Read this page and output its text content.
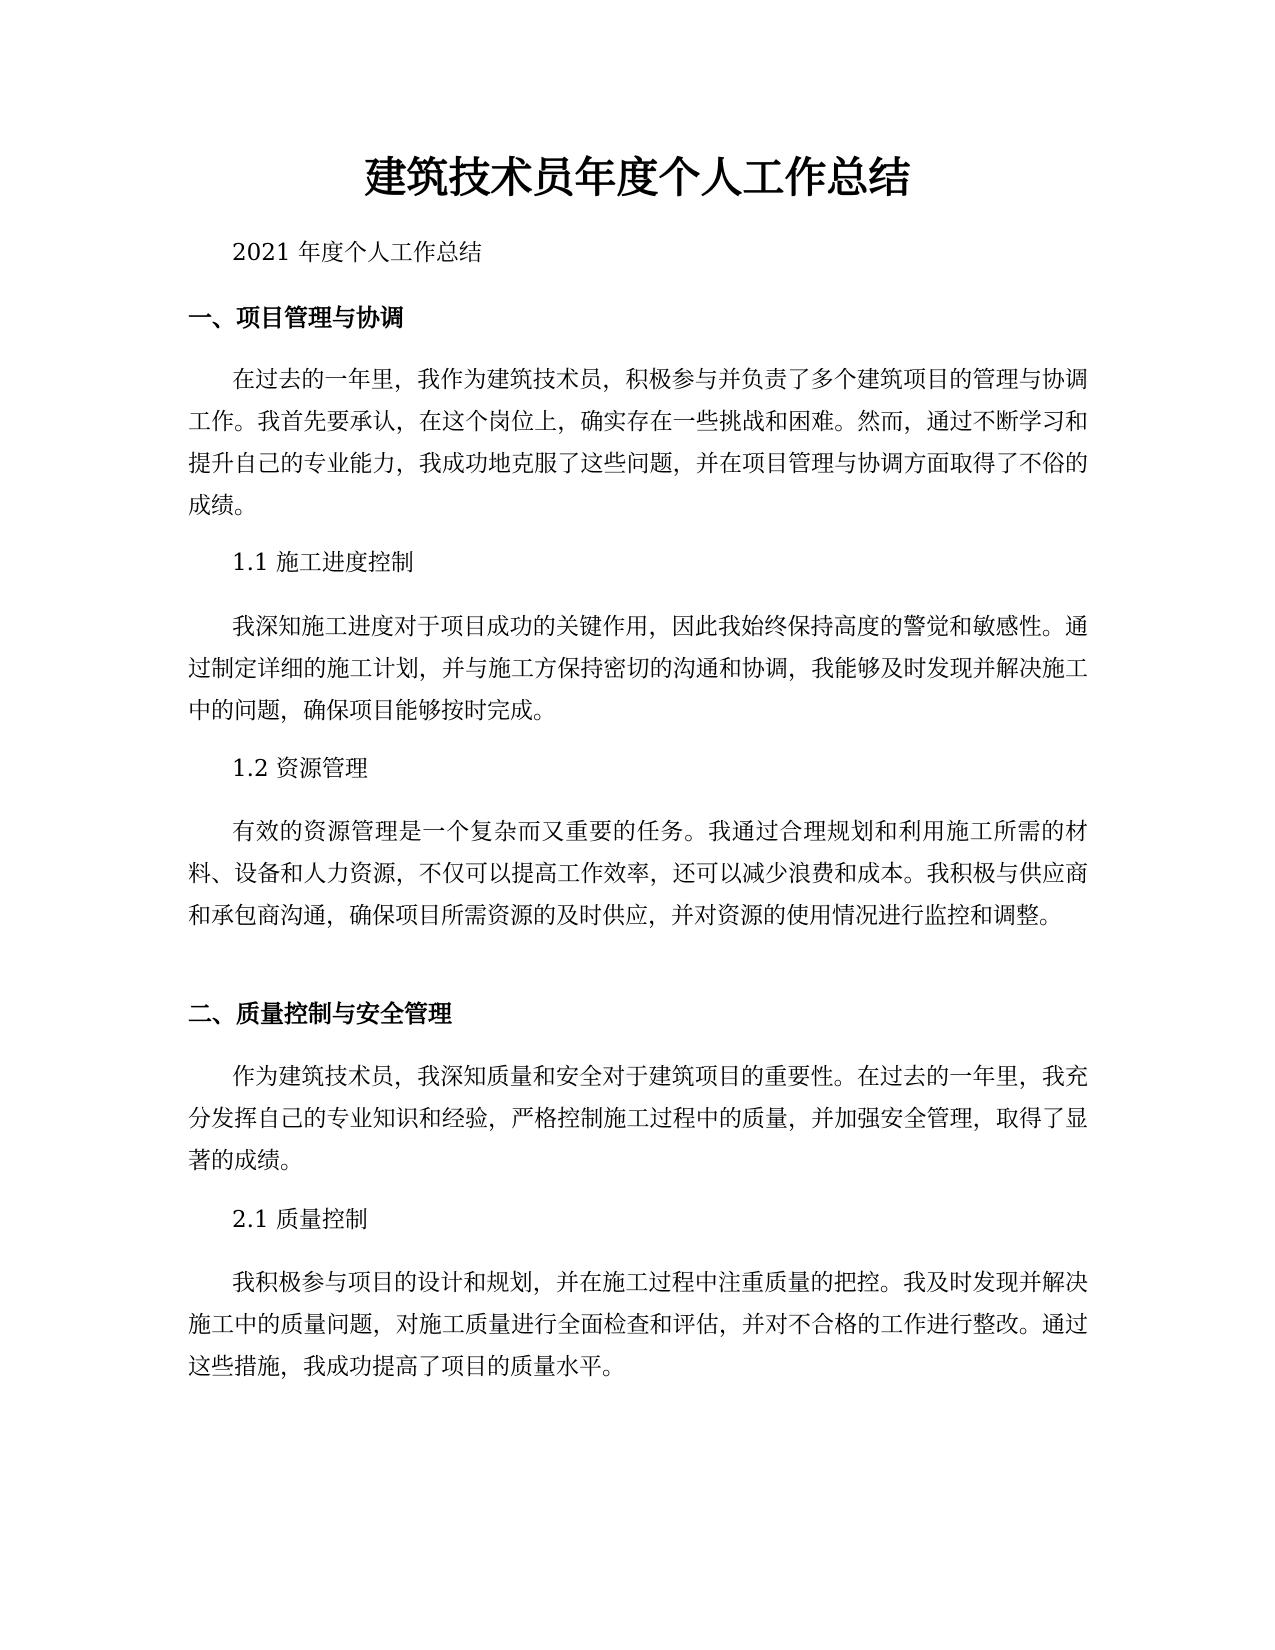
建筑技术员年度个人工作总结

2021 年度个人工作总结

一、项目管理与协调

在过去的一年里，我作为建筑技术员，积极参与并负责了多个建筑项目的管理与协调工作。我首先要承认，在这个岗位上，确实存在一些挑战和困难。然而，通过不断学习和提升自己的专业能力，我成功地克服了这些问题，并在项目管理与协调方面取得了不俗的成绩。

1.1 施工进度控制

我深知施工进度对于项目成功的关键作用，因此我始终保持高度的警觉和敏感性。通过制定详细的施工计划，并与施工方保持密切的沟通和协调，我能够及时发现并解决施工中的问题，确保项目能够按时完成。

1.2 资源管理

有效的资源管理是一个复杂而又重要的任务。我通过合理规划和利用施工所需的材料、设备和人力资源，不仅可以提高工作效率，还可以减少浪费和成本。我积极与供应商和承包商沟通，确保项目所需资源的及时供应，并对资源的使用情况进行监控和调整。

二、质量控制与安全管理

作为建筑技术员，我深知质量和安全对于建筑项目的重要性。在过去的一年里，我充分发挥自己的专业知识和经验，严格控制施工过程中的质量，并加强安全管理，取得了显著的成绩。

2.1 质量控制

我积极参与项目的设计和规划，并在施工过程中注重质量的把控。我及时发现并解决施工中的质量问题，对施工质量进行全面检查和评估，并对不合格的工作进行整改。通过这些措施，我成功提高了项目的质量水平。
